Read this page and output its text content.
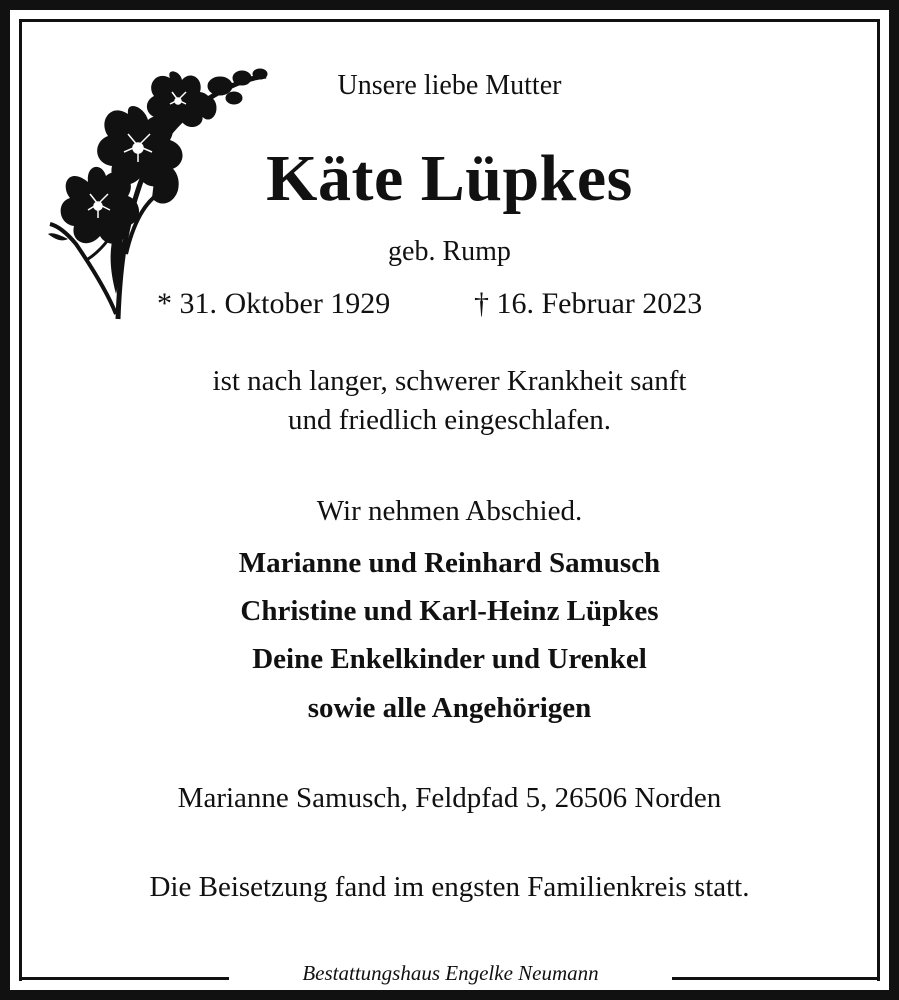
Bestattungshaus Engelke Neumann
Unsere liebe Mutter
Käte Lüpkes
geb. Rump
* 31. Oktober 1929	† 16. Februar 2023
ist nach langer, schwerer Krankheit sanft
und friedlich eingeschlafen.
Wir nehmen Abschied.
Marianne und Reinhard Samusch
Christine und Karl-Heinz Lüpkes
Deine Enkelkinder und Urenkel
sowie alle Angehörigen
Marianne Samusch, Feldpfad 5, 26506 Norden
Die Beisetzung fand im engsten Familienkreis statt.
